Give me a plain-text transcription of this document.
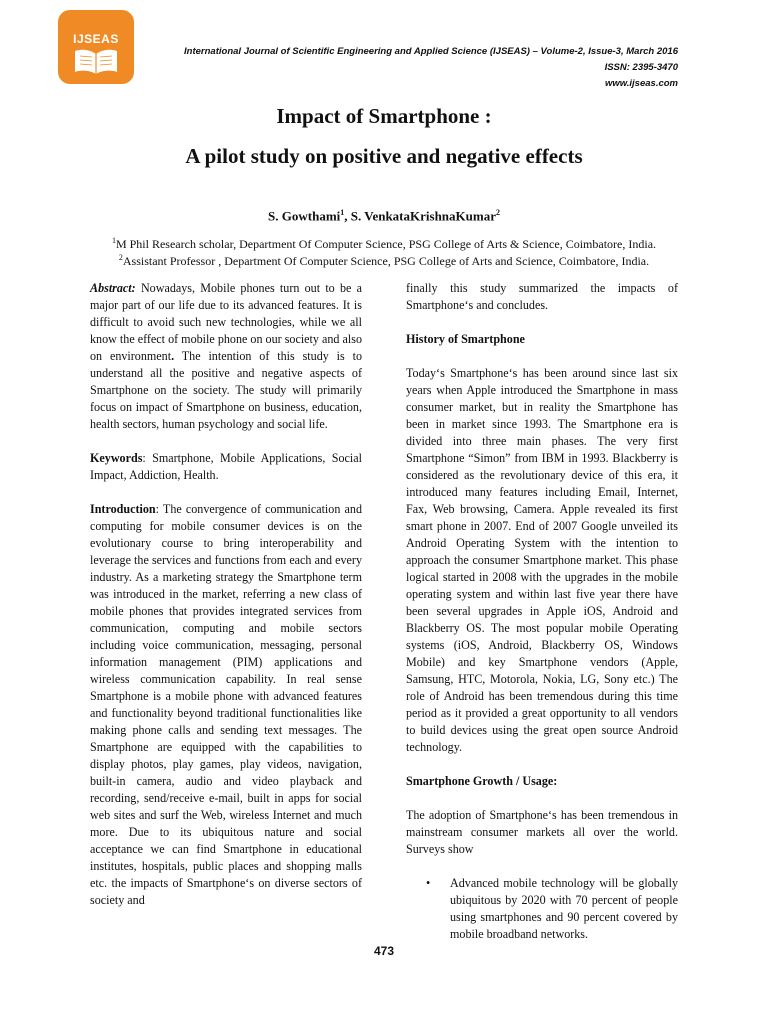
IJSEAS
International Journal of Scientific Engineering and Applied Science (IJSEAS) – Volume-2, Issue-3, March 2016
ISSN: 2395-3470
www.ijseas.com
Impact of Smartphone :
A pilot study on positive and negative effects
S. Gowthami$^1$, S. VenkataKrishnaKumar$^2$
$^1$M Phil Research scholar, Department Of Computer Science, PSG College of Arts & Science, Coimbatore, India.
$^2$Assistant Professor , Department Of Computer Science, PSG College of Arts and Science, Coimbatore, India.

Abstract: Nowadays, Mobile phones turn out to be a major part of our life due to its advanced features. It is difficult to avoid such new technologies, while we all know the effect of mobile phone on our society and also on environment. The intention of this study is to understand all the positive and negative aspects of Smartphone on the society. The study will primarily focus on impact of Smartphone on business, education, health sectors, human psychology and social life.

Keywords: Smartphone, Mobile Applications, Social Impact, Addiction, Health.

Introduction: The convergence of communication and computing for mobile consumer devices is on the evolutionary course to bring interoperability and leverage the services and functions from each and every industry. As a marketing strategy the Smartphone term was introduced in the market, referring a new class of mobile phones that provides integrated services from communication, computing and mobile sectors including voice communication, messaging, personal information management (PIM) applications and wireless communication capability. In real sense Smartphone is a mobile phone with advanced features and functionality beyond traditional functionalities like making phone calls and sending text messages. The Smartphone are equipped with the capabilities to display photos, play games, play videos, navigation, built-in camera, audio and video playback and recording, send/receive e-mail, built in apps for social web sites and surf the Web, wireless Internet and much more. Due to its ubiquitous nature and social acceptance we can find Smartphone in educational institutes, hospitals, public places and shopping malls etc. the impacts of Smartphone‘s on diverse sectors of society and

finally this study summarized the impacts of Smartphone‘s and concludes.

History of Smartphone

Today‘s Smartphone‘s has been around since last six years when Apple introduced the Smartphone in mass consumer market, but in reality the Smartphone has been in market since 1993. The Smartphone era is divided into three main phases. The very first Smartphone “Simon” from IBM in 1993. Blackberry is considered as the revolutionary device of this era, it introduced many features including Email, Internet, Fax, Web browsing, Camera. Apple revealed its first smart phone in 2007. End of 2007 Google unveiled its Android Operating System with the intention to approach the consumer Smartphone market. This phase logical started in 2008 with the upgrades in the mobile operating system and within last five year there have been several upgrades in Apple iOS, Android and Blackberry OS. The most popular mobile Operating systems (iOS, Android, Blackberry OS, Windows Mobile) and key Smartphone vendors (Apple, Samsung, HTC, Motorola, Nokia, LG, Sony etc.) The role of Android has been tremendous during this time period as it provided a great opportunity to all vendors to build devices using the great open source Android technology.

Smartphone Growth / Usage:

The adoption of Smartphone‘s has been tremendous in mainstream consumer markets all over the world. Surveys show

• Advanced mobile technology will be globally ubiquitous by 2020 with 70 percent of people using smartphones and 90 percent covered by mobile broadband networks.
473
